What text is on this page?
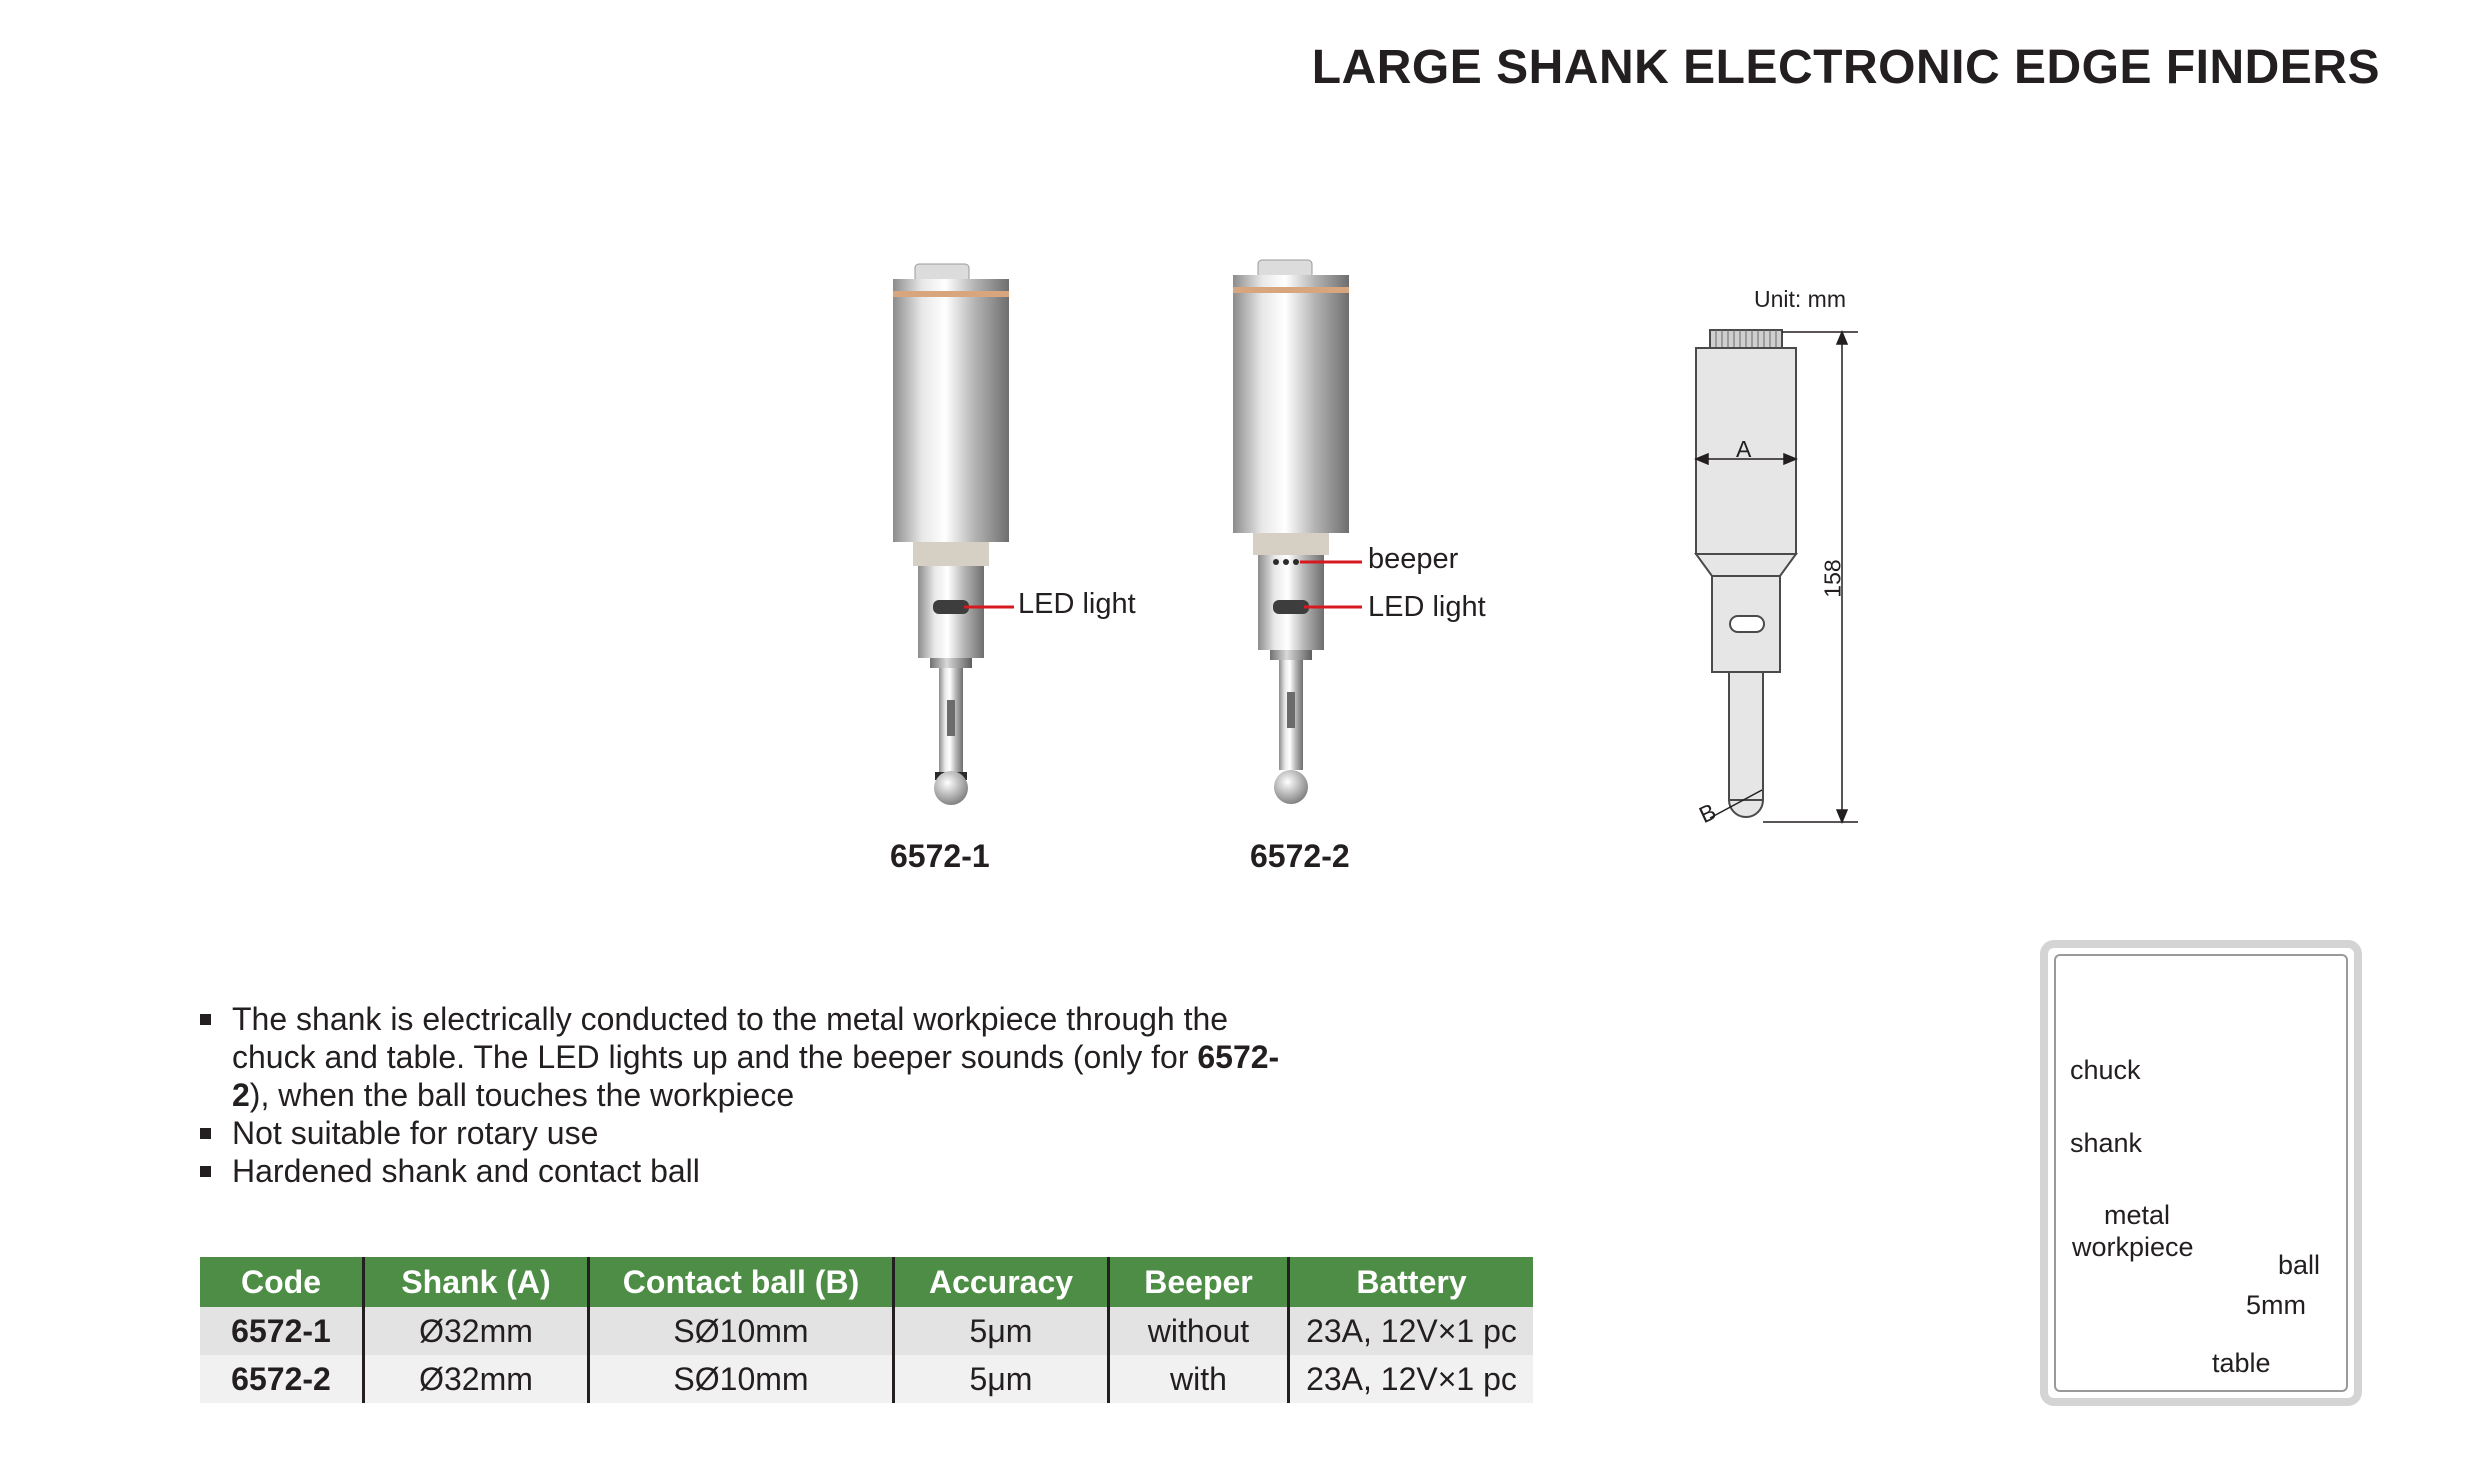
LARGE SHANK ELECTRONIC EDGE FINDERS
6572-1	6572-2
LED light
beeper
LED light
Unit: mm
A
B
158
The shank is electrically conducted to the metal workpiece through the chuck and table. The LED lights up and the beeper sounds (only for 6572-2), when the ball touches the workpiece
Not suitable for rotary use
Hardened shank and contact ball
Code	Shank (A)	Contact ball (B)	Accuracy	Beeper	Battery
6572-1	Ø32mm	SØ10mm	5μm	without	23A, 12V×1 pc
6572-2	Ø32mm	SØ10mm	5μm	with	23A, 12V×1 pc
chuck
shank
metal
workpiece
ball
5mm
table
